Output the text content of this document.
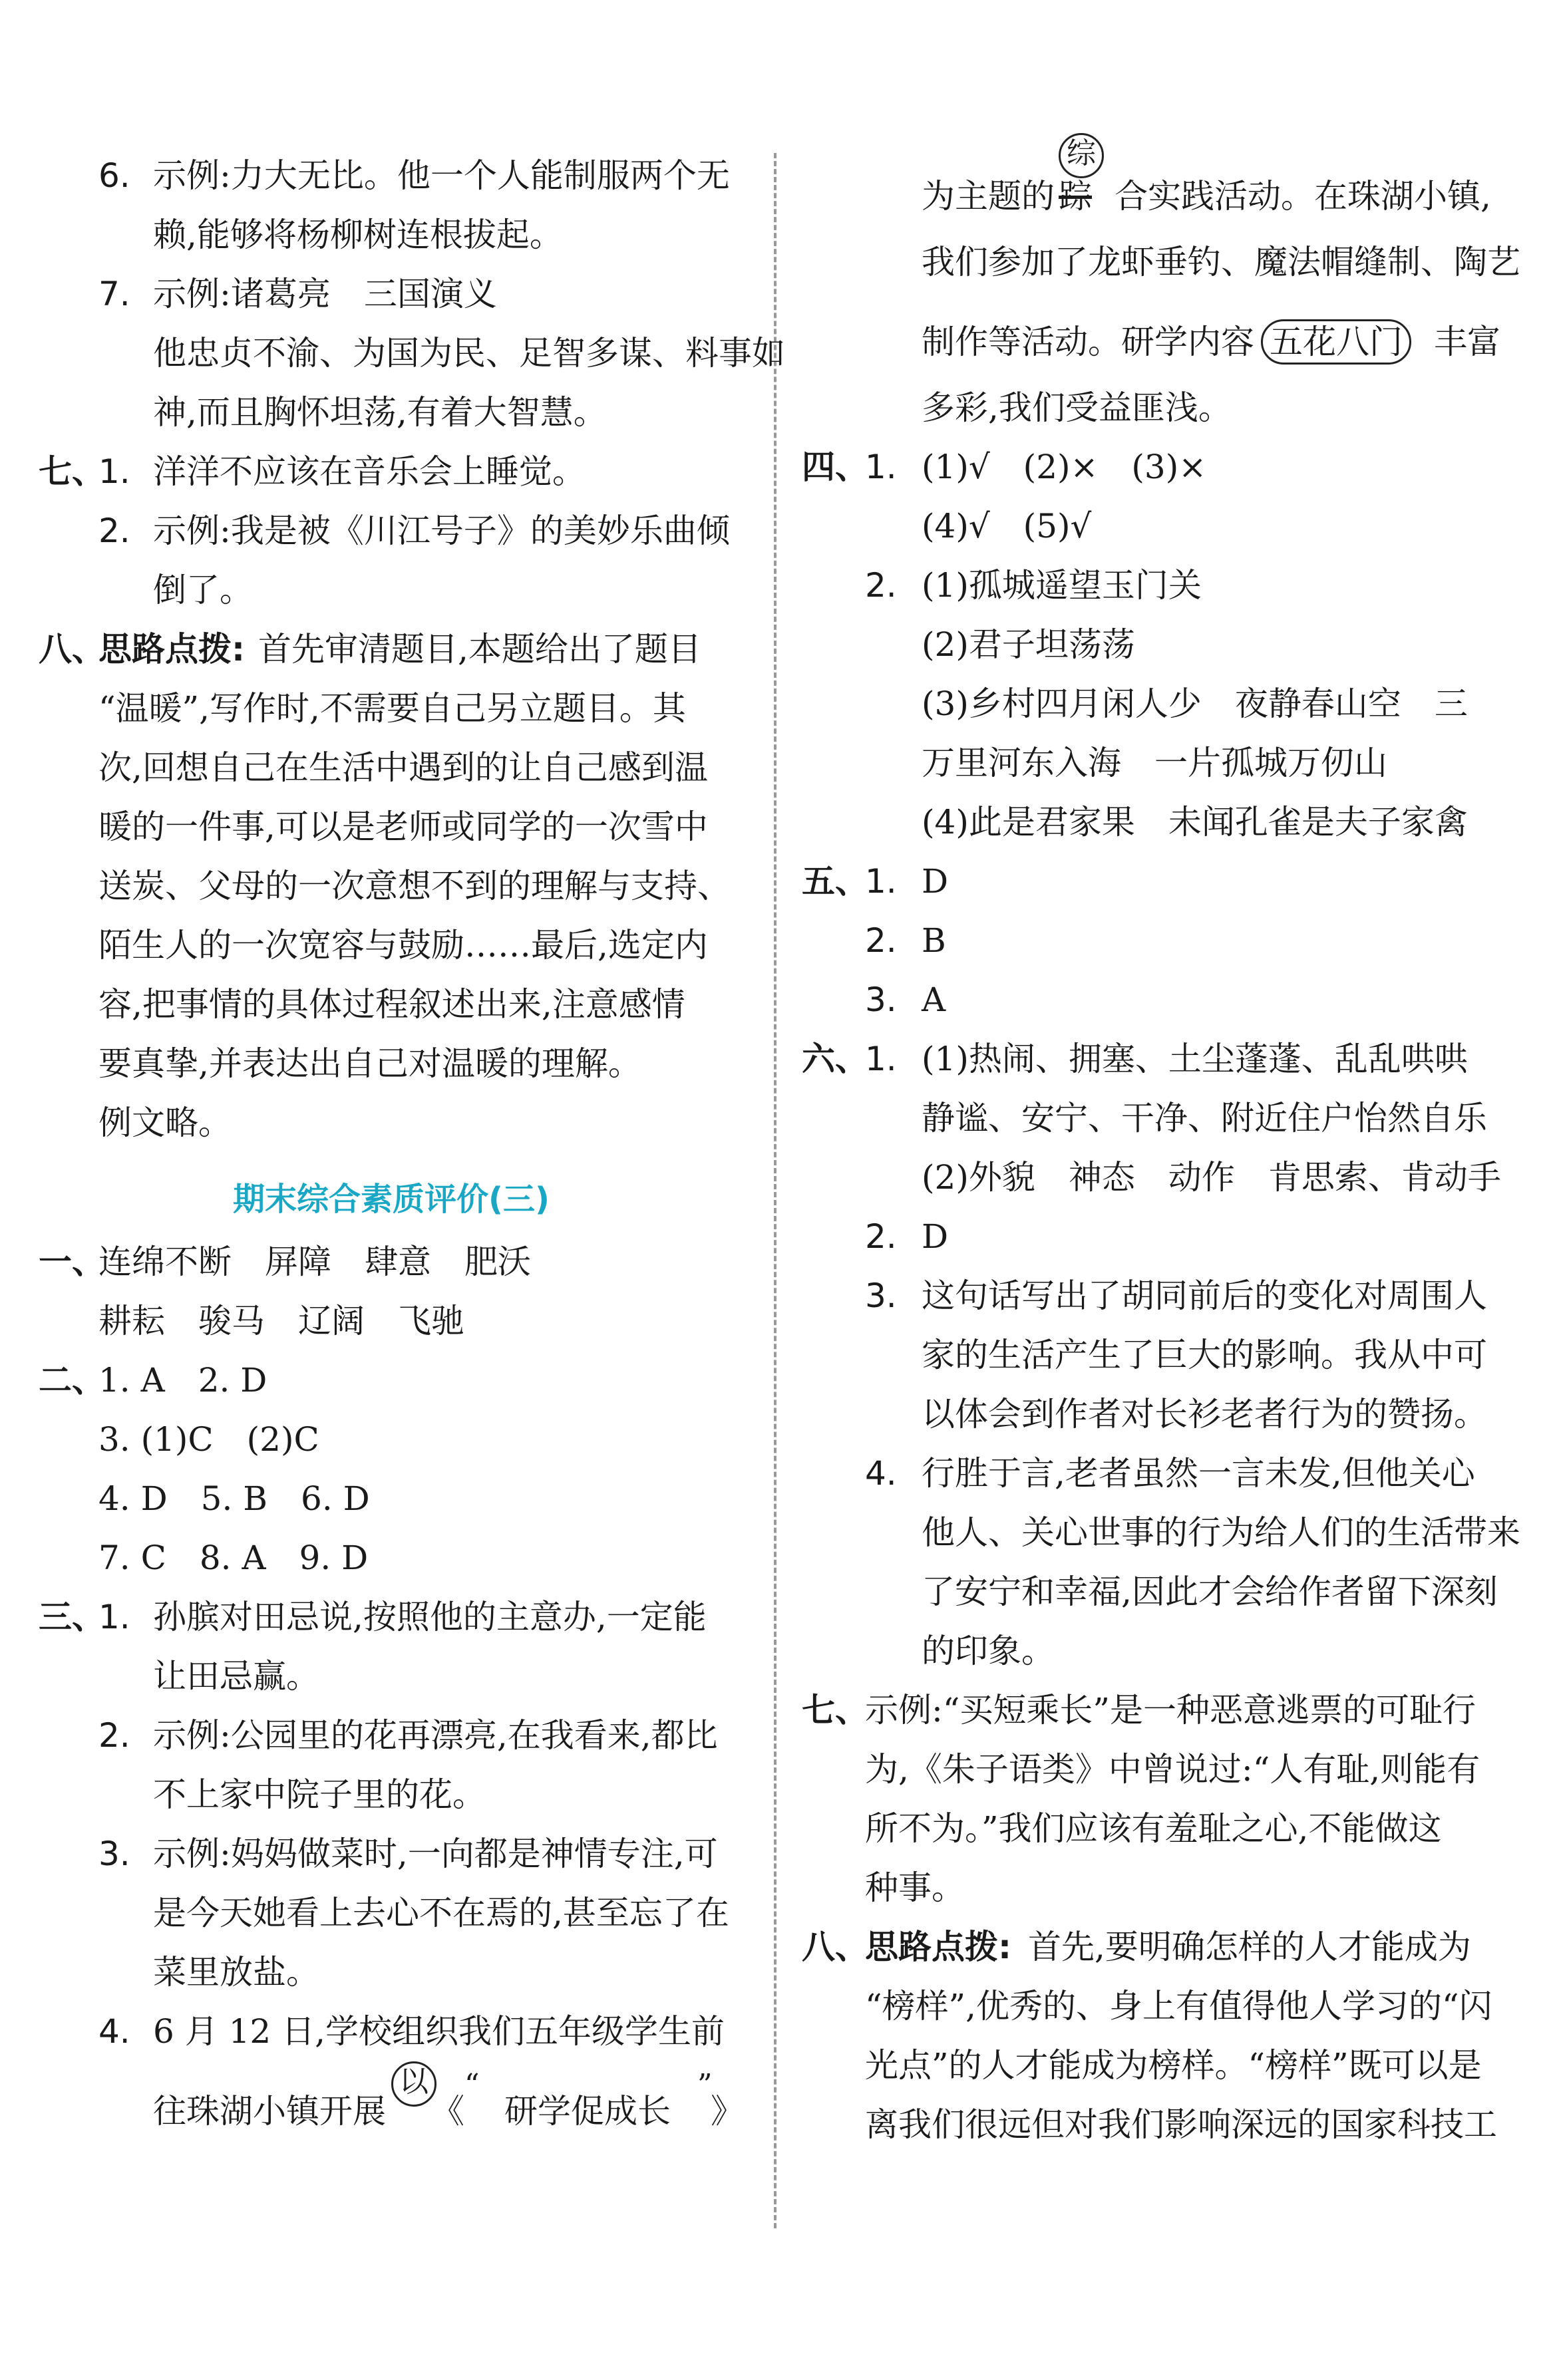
6. 示例:力大无比。他一个人能制服两个无
赖,能够将杨柳树连根拔起。
7. 示例:诸葛亮　三国演义
他忠贞不渝、为国为民、足智多谋、料事如
神,而且胸怀坦荡,有着大智慧。
七、
1. 洋洋不应该在音乐会上睡觉。
2. 示例:我是被《川江号子》的美妙乐曲倾
倒了。
八、
思路点拨: 首先审清题目,本题给出了题目
“温暖”,写作时,不需要自己另立题目。其
次,回想自己在生活中遇到的让自己感到温
暖的一件事,可以是老师或同学的一次雪中
送炭、父母的一次意想不到的理解与支持、
陌生人的一次宽容与鼓励……最后,选定内
容,把事情的具体过程叙述出来,注意感情
要真挚,并表达出自己对温暖的理解。
例文略。
期末综合素质评价(三)
一、
连绵不断　屏障　肆意　肥沃
耕耘　骏马　辽阔　飞驰
二、
1. A　2. D
3. (1)C　(2)C
4. D　5. B　6. D
7. C　8. A　9. D
三、
1. 孙膑对田忌说,按照他的主意办,一定能
让田忌赢。
2. 示例:公园里的花再漂亮,在我看来,都比
不上家中院子里的花。
3. 示例:妈妈做菜时,一向都是神情专注,可
是今天她看上去心不在焉的,甚至忘了在
菜里放盐。
4. 6 月 12 日,学校组织我们五年级学生前
往珠湖小镇开展
以 “
《 研学促成长
”
》
为主题的
综
踪 合实践活动。在珠湖小镇,
我们参加了龙虾垂钓、魔法帽缝制、陶艺
制作等活动。研学内容 五花八门 丰富
多彩,我们受益匪浅。
四、
1. (1)√　(2)×　(3)×
(4)√　(5)√
2. (1)孤城遥望玉门关
(2)君子坦荡荡
(3)乡村四月闲人少　夜静春山空　三
万里河东入海　一片孤城万仞山
(4)此是君家果　未闻孔雀是夫子家禽
五、
1. D
2. B
3. A
六、
1. (1)热闹、拥塞、土尘蓬蓬、乱乱哄哄
静谧、安宁、干净、附近住户怡然自乐
(2)外貌　神态　动作　肯思索、肯动手
2. D
3. 这句话写出了胡同前后的变化对周围人
家的生活产生了巨大的影响。我从中可
以体会到作者对长衫老者行为的赞扬。
4. 行胜于言,老者虽然一言未发,但他关心
他人、关心世事的行为给人们的生活带来
了安宁和幸福,因此才会给作者留下深刻
的印象。
七、
示例:“买短乘长”是一种恶意逃票的可耻行
为,《朱子语类》中曾说过:“人有耻,则能有
所不为。”我们应该有羞耻之心,不能做这
种事。
八、
思路点拨: 首先,要明确怎样的人才能成为
“榜样”,优秀的、身上有值得他人学习的“闪
光点”的人才能成为榜样。“榜样”既可以是
离我们很远但对我们影响深远的国家科技工
